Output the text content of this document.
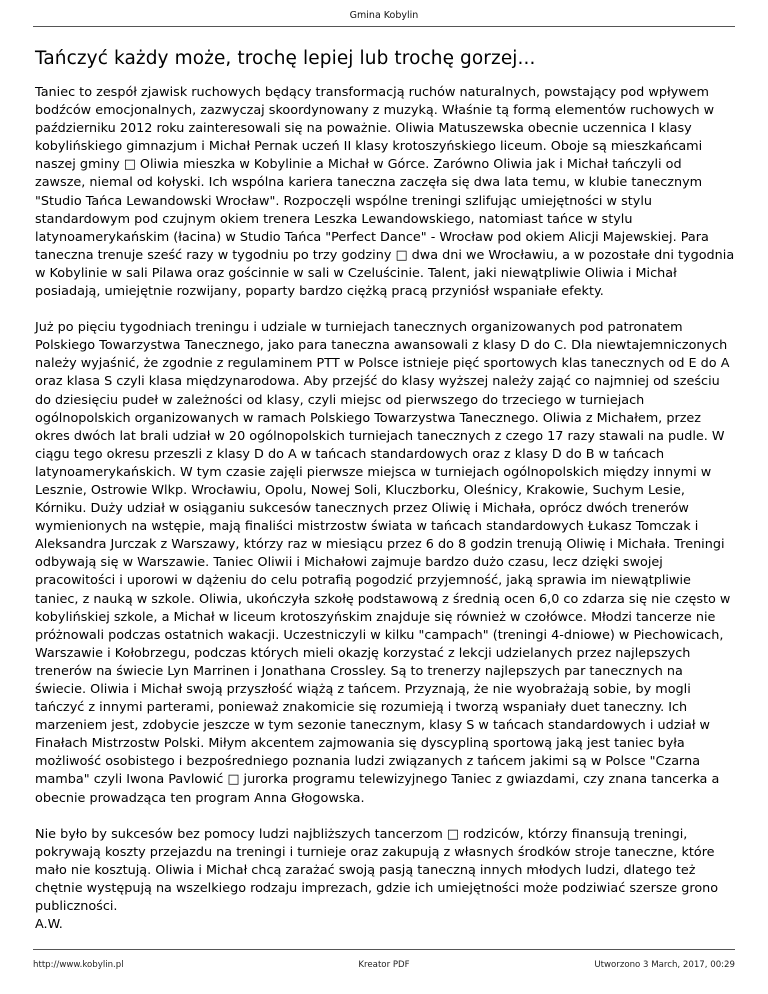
Gmina Kobylin
Tańczyć każdy może, trochę lepiej lub trochę gorzej...

Taniec to zespół zjawisk ruchowych będący transformacją ruchów naturalnych, powstający pod wpływem bodźców emocjonalnych, zazwyczaj skoordynowany z muzyką. Właśnie tą formą elementów ruchowych w październiku 2012 roku zainteresowali się na poważnie. Oliwia Matuszewska obecnie uczennica I klasy kobylińskiego gimnazjum i Michał Pernak uczeń II klasy krotoszyńskiego liceum. Oboje są mieszkańcami naszej gminy □ Oliwia mieszka w Kobylinie a Michał w Górce. Zarówno Oliwia jak i Michał tańczyli od zawsze, niemal od kołyski. Ich wspólna kariera taneczna zaczęła się dwa lata temu, w klubie tanecznym "Studio Tańca Lewandowski Wrocław". Rozpoczęli wspólne treningi szlifując umiejętności w stylu standardowym pod czujnym okiem trenera Leszka Lewandowskiego, natomiast tańce w stylu latynoamerykańskim (łacina) w Studio Tańca "Perfect Dance" - Wrocław pod okiem Alicji Majewskiej. Para taneczna trenuje sześć razy w tygodniu po trzy godziny □ dwa dni we Wrocławiu, a w pozostałe dni tygodnia w Kobylinie w sali Pilawa oraz gościnnie w sali w Czeluścinie. Talent, jaki niewątpliwie Oliwia i Michał posiadają, umiejętnie rozwijany, poparty bardzo ciężką pracą przyniósł wspaniałe efekty.

Już po pięciu tygodniach treningu i udziale w turniejach tanecznych organizowanych pod patronatem Polskiego Towarzystwa Tanecznego, jako para taneczna awansowali z klasy D do C. Dla niewtajemniczonych należy wyjaśnić, że zgodnie z regulaminem PTT w Polsce istnieje pięć sportowych klas tanecznych od E do A oraz klasa S czyli klasa międzynarodowa. Aby przejść do klasy wyższej należy zająć co najmniej od sześciu do dziesięciu pudeł w zależności od klasy, czyli miejsc od pierwszego do trzeciego w turniejach ogólnopolskich organizowanych w ramach Polskiego Towarzystwa Tanecznego. Oliwia z Michałem, przez okres dwóch lat brali udział w 20 ogólnopolskich turniejach tanecznych z czego 17 razy stawali na pudle. W ciągu tego okresu przeszli z klasy D do A w tańcach standardowych oraz z klasy D do B w tańcach latynoamerykańskich. W tym czasie zajęli pierwsze miejsca w turniejach ogólnopolskich między innymi w Lesznie, Ostrowie Wlkp. Wrocławiu, Opolu, Nowej Soli, Kluczborku, Oleśnicy, Krakowie, Suchym Lesie, Kórniku. Duży udział w osiąganiu sukcesów tanecznych przez Oliwię i Michała, oprócz dwóch trenerów wymienionych na wstępie, mają finaliści mistrzostw świata w tańcach standardowych Łukasz Tomczak i Aleksandra Jurczak z Warszawy, którzy raz w miesiącu przez 6 do 8 godzin trenują Oliwię i Michała. Treningi odbywają się w Warszawie. Taniec Oliwii i Michałowi zajmuje bardzo dużo czasu, lecz dzięki swojej pracowitości i uporowi w dążeniu do celu potrafią pogodzić przyjemność, jaką sprawia im niewątpliwie taniec, z nauką w szkole. Oliwia, ukończyła szkołę podstawową z średnią ocen 6,0 co zdarza się nie często w kobylińskiej szkole, a Michał w liceum krotoszyńskim znajduje się również w czołówce. Młodzi tancerze nie próżnowali podczas ostatnich wakacji. Uczestniczyli w kilku "campach" (treningi 4-dniowe) w Piechowicach, Warszawie i Kołobrzegu, podczas których mieli okazję korzystać z lekcji udzielanych przez najlepszych trenerów na świecie Lyn Marrinen i Jonathana Crossley. Są to trenerzy najlepszych par tanecznych na świecie. Oliwia i Michał swoją przyszłość wiążą z tańcem. Przyznają, że nie wyobrażają sobie, by mogli tańczyć z innymi parterami, ponieważ znakomicie się rozumieją i tworzą wspaniały duet taneczny. Ich marzeniem jest, zdobycie jeszcze w tym sezonie tanecznym, klasy S w tańcach standardowych i udział w Finałach Mistrzostw Polski. Miłym akcentem zajmowania się dyscypliną sportową jaką jest taniec była możliwość osobistego i bezpośredniego poznania ludzi związanych z tańcem jakimi są w Polsce "Czarna mamba" czyli Iwona Pavlowić □ jurorka programu telewizyjnego Taniec z gwiazdami, czy znana tancerka a obecnie prowadząca ten program Anna Głogowska.

Nie było by sukcesów bez pomocy ludzi najbliższych tancerzom □ rodziców, którzy finansują treningi, pokrywają koszty przejazdu na treningi i turnieje oraz zakupują z własnych środków stroje taneczne, które mało nie kosztują. Oliwia i Michał chcą zarażać swoją pasją taneczną innych młodych ludzi, dlatego też chętnie występują na wszelkiego rodzaju imprezach, gdzie ich umiejętności może podziwiać szersze grono publiczności.

A.W.

http://www.kobylin.pl	Kreator PDF	Utworzono 3 March, 2017, 00:29
